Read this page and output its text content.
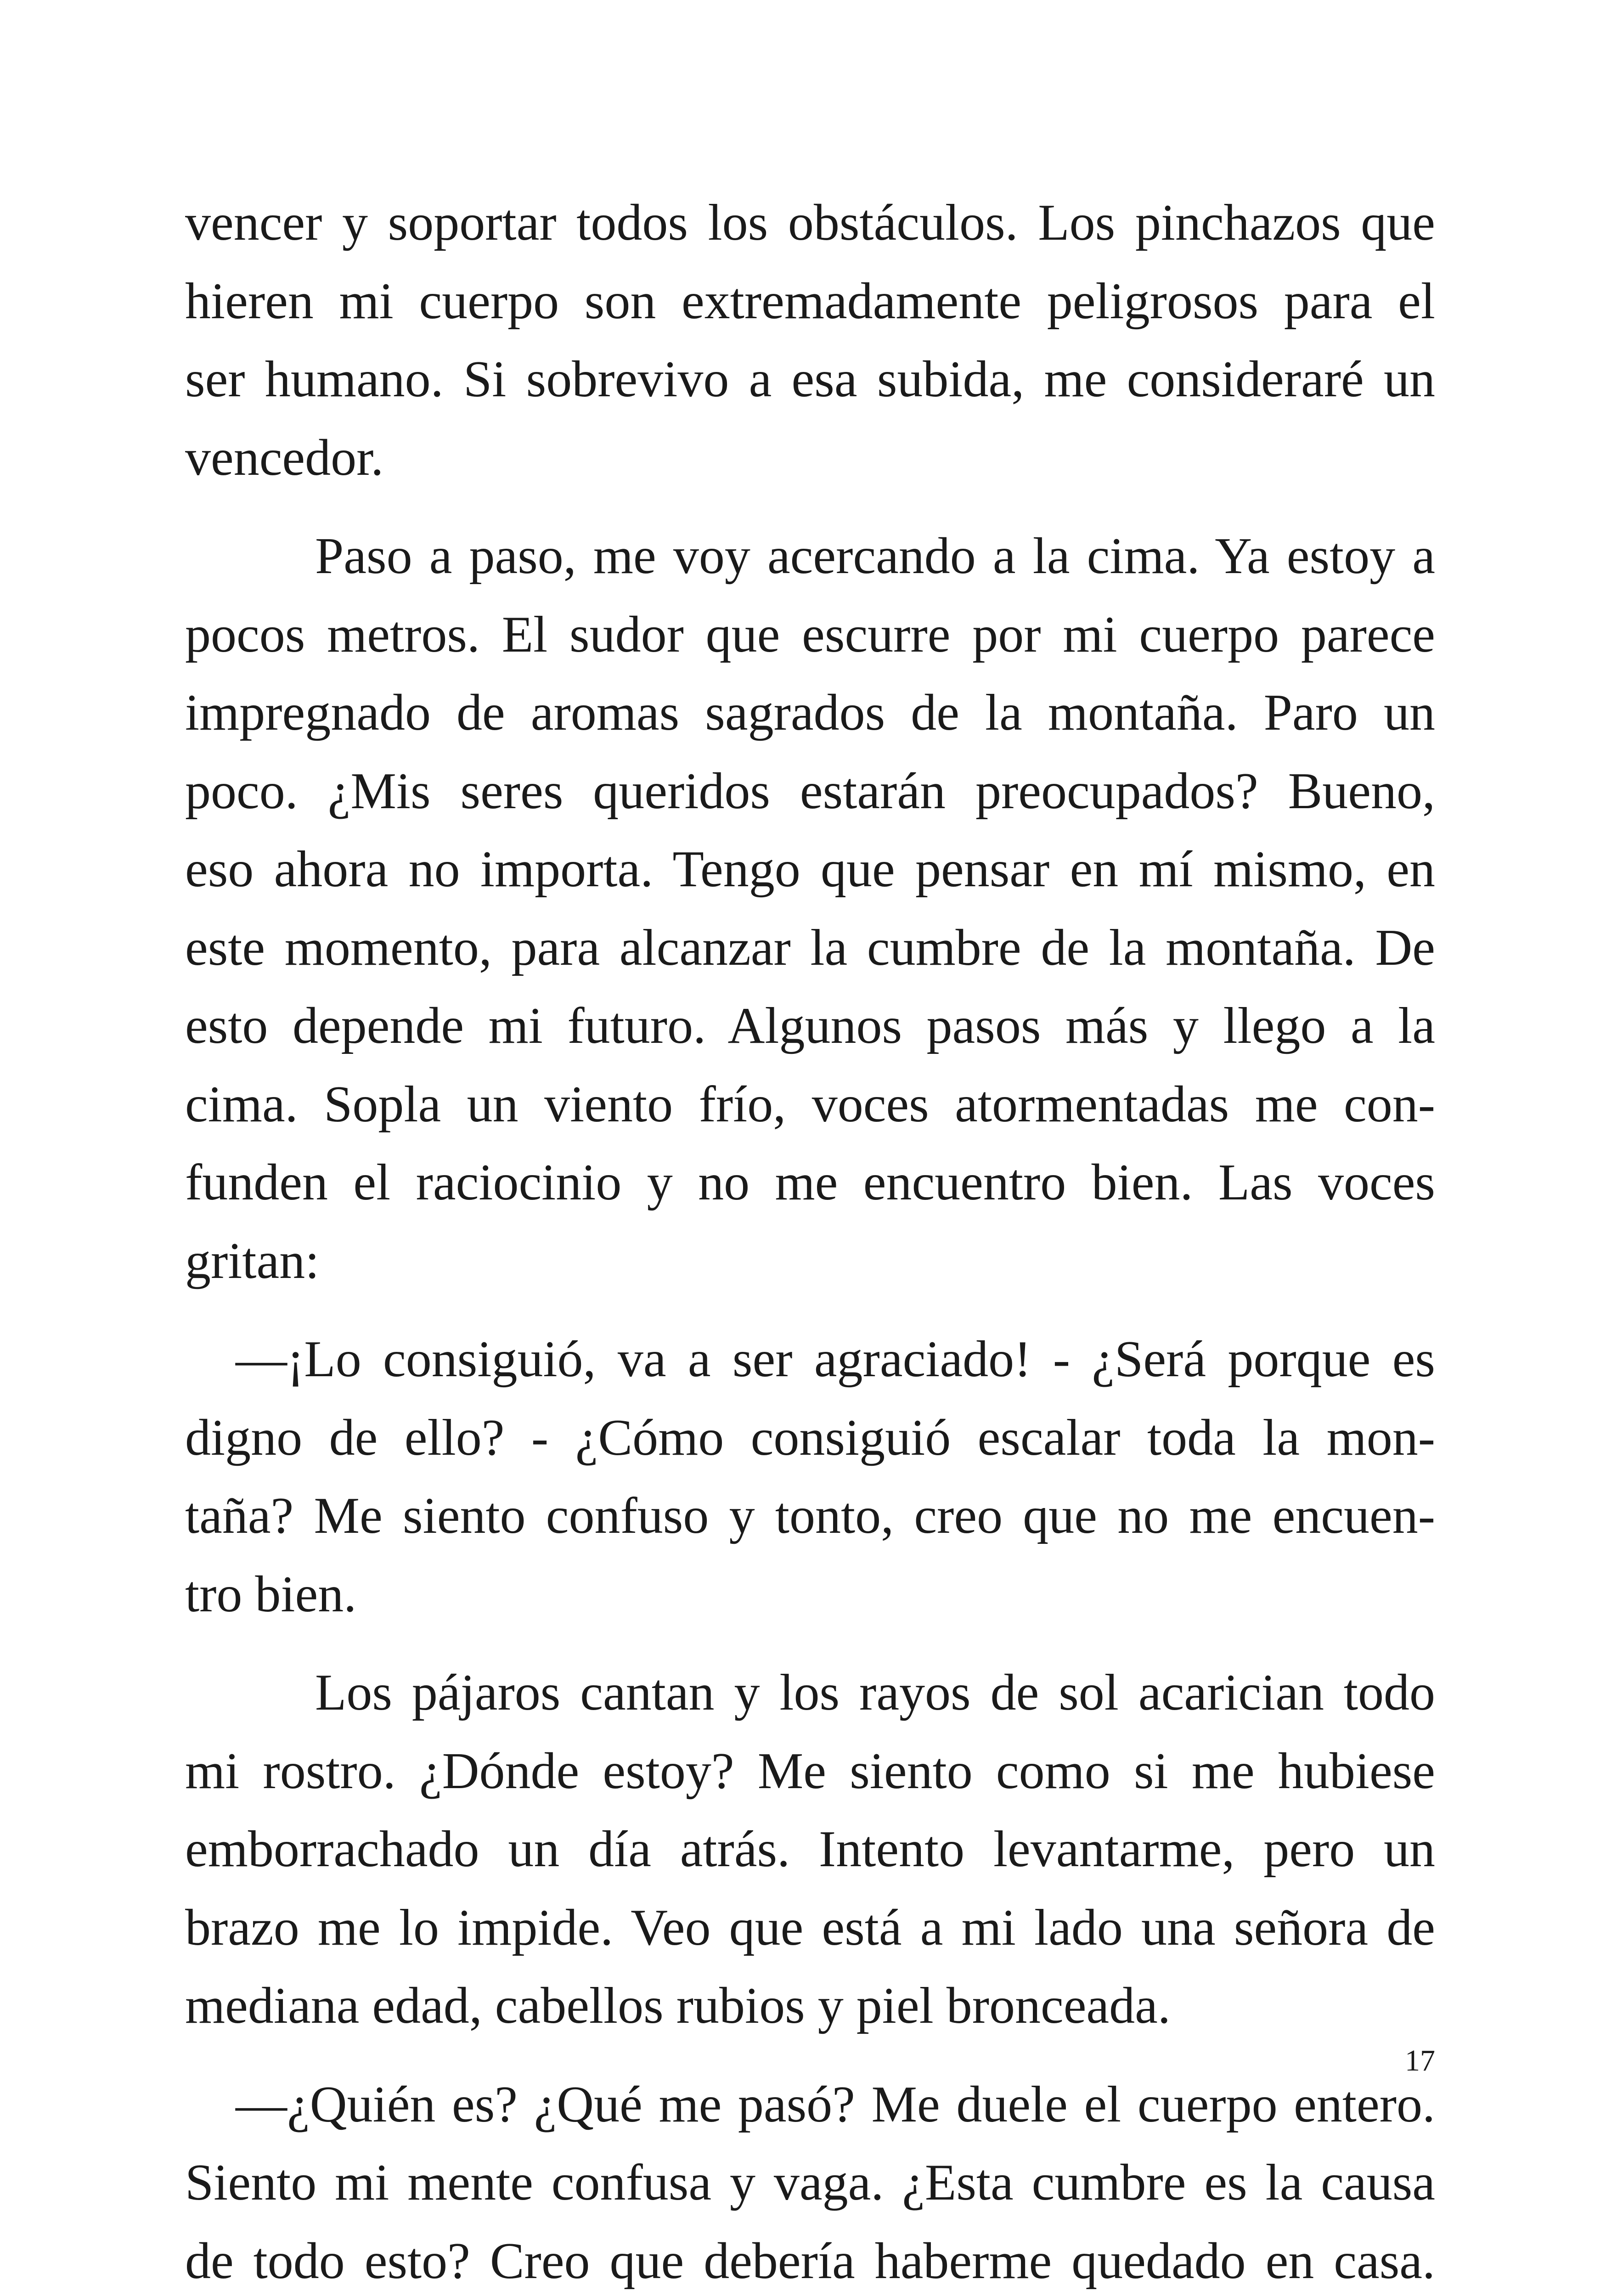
vencer y soportar todos los obstáculos. Los pinchazos que
hieren mi cuerpo son extremadamente peligrosos para el
ser humano. Si sobrevivo a esa subida, me consideraré un
vencedor.

Paso a paso, me voy acercando a la cima. Ya estoy a
pocos metros. El sudor que escurre por mi cuerpo parece
impregnado de aromas sagrados de la montaña. Paro un
poco. ¿Mis seres queridos estarán preocupados? Bueno,
eso ahora no importa. Tengo que pensar en mí mismo, en
este momento, para alcanzar la cumbre de la montaña. De
esto depende mi futuro. Algunos pasos más y llego a la
cima. Sopla un viento frío, voces atormentadas me con-
funden el raciocinio y no me encuentro bien. Las voces
gritan:

—¡Lo consiguió, va a ser agraciado! - ¿Será porque es
digno de ello? - ¿Cómo consiguió escalar toda la mon-
taña? Me siento confuso y tonto, creo que no me encuen-
tro bien.

Los pájaros cantan y los rayos de sol acarician todo
mi rostro. ¿Dónde estoy? Me siento como si me hubiese
emborrachado un día atrás. Intento levantarme, pero un
brazo me lo impide. Veo que está a mi lado una señora de
mediana edad, cabellos rubios y piel bronceada.

—¿Quién es? ¿Qué me pasó? Me duele el cuerpo entero.
Siento mi mente confusa y vaga. ¿Esta cumbre es la causa
de todo esto? Creo que debería haberme quedado en casa.

17
